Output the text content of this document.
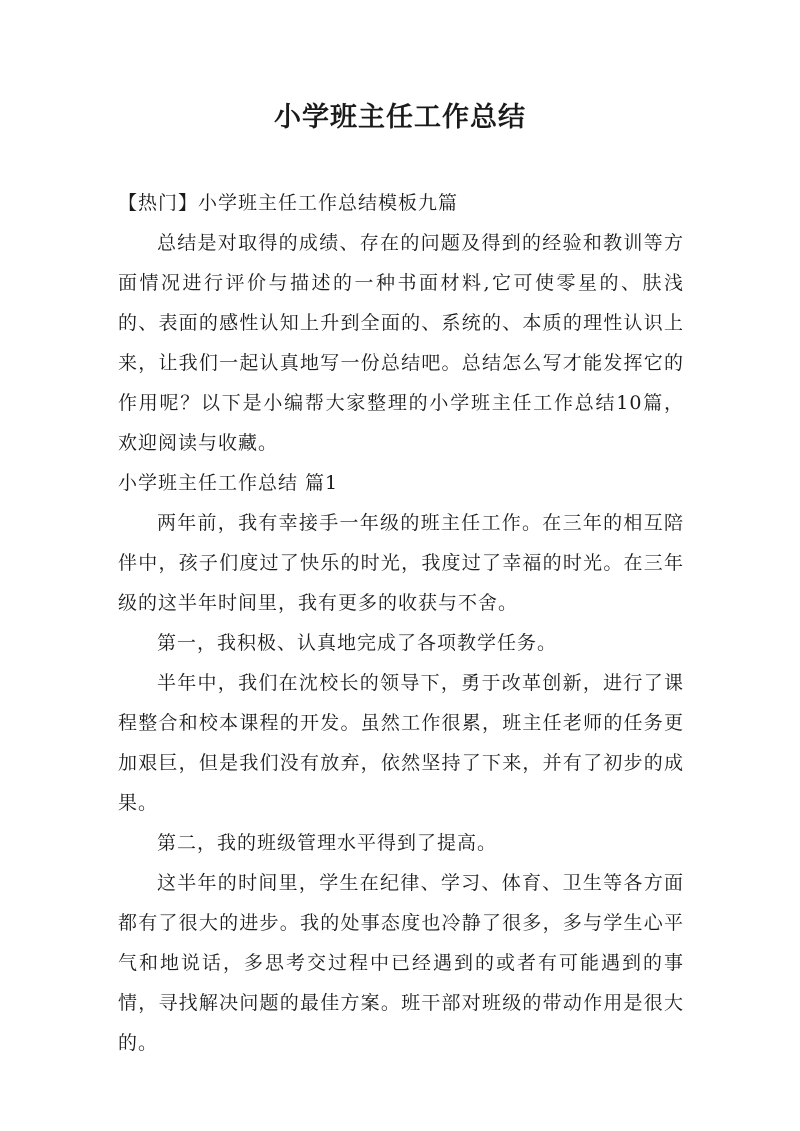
小学班主任工作总结

【热门】小学班主任工作总结模板九篇

总结是对取得的成绩、存在的问题及得到的经验和教训等方面情况进行评价与描述的一种书面材料,它可使零星的、肤浅的、表面的感性认知上升到全面的、系统的、本质的理性认识上来，让我们一起认真地写一份总结吧。总结怎么写才能发挥它的作用呢？以下是小编帮大家整理的小学班主任工作总结10篇，欢迎阅读与收藏。

小学班主任工作总结 篇1

两年前，我有幸接手一年级的班主任工作。在三年的相互陪伴中，孩子们度过了快乐的时光，我度过了幸福的时光。在三年级的这半年时间里，我有更多的收获与不舍。

第一，我积极、认真地完成了各项教学任务。

半年中，我们在沈校长的领导下，勇于改革创新，进行了课程整合和校本课程的开发。虽然工作很累，班主任老师的任务更加艰巨，但是我们没有放弃，依然坚持了下来，并有了初步的成果。

第二，我的班级管理水平得到了提高。

这半年的时间里，学生在纪律、学习、体育、卫生等各方面都有了很大的进步。我的处事态度也冷静了很多，多与学生心平气和地说话，多思考交过程中已经遇到的或者有可能遇到的事情，寻找解决问题的最佳方案。班干部对班级的带动作用是很大的。
